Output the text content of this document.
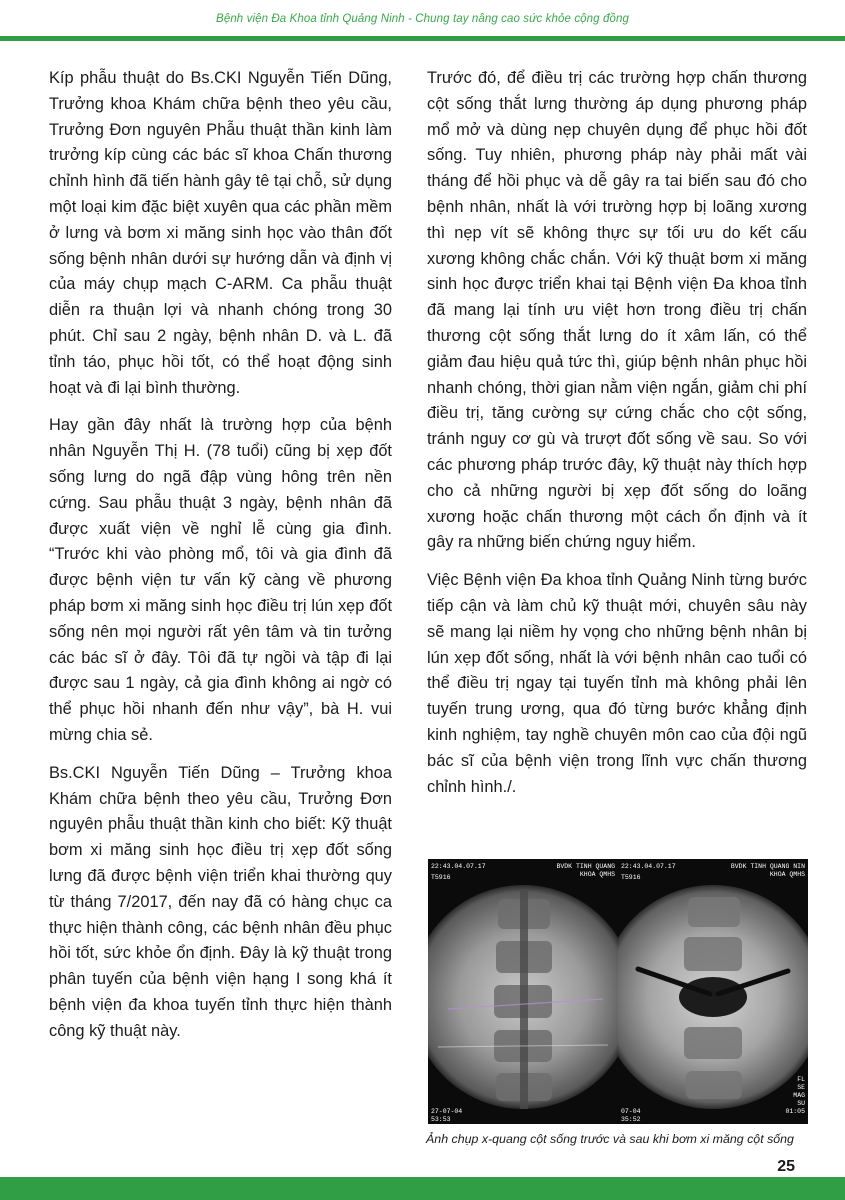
Bệnh viện Đa Khoa tỉnh Quảng Ninh - Chung tay nâng cao sức khỏe cộng đồng

Kíp phẫu thuật do Bs.CKI Nguyễn Tiến Dũng, Trưởng khoa Khám chữa bệnh theo yêu cầu, Trưởng Đơn nguyên Phẫu thuật thần kinh làm trưởng kíp cùng các bác sĩ khoa Chấn thương chỉnh hình đã tiến hành gây tê tại chỗ, sử dụng một loại kim đặc biệt xuyên qua các phần mềm ở lưng và bơm xi măng sinh học vào thân đốt sống bệnh nhân dưới sự hướng dẫn và định vị của máy chụp mạch C-ARM. Ca phẫu thuật diễn ra thuận lợi và nhanh chóng trong 30 phút. Chỉ sau 2 ngày, bệnh nhân D. và L. đã tỉnh táo, phục hồi tốt, có thể hoạt động sinh hoạt và đi lại bình thường.

Hay gần đây nhất là trường hợp của bệnh nhân Nguyễn Thị H. (78 tuổi) cũng bị xẹp đốt sống lưng do ngã đập vùng hông trên nền cứng. Sau phẫu thuật 3 ngày, bệnh nhân đã được xuất viện về nghỉ lễ cùng gia đình. “Trước khi vào phòng mổ, tôi và gia đình đã được bệnh viện tư vấn kỹ càng về phương pháp bơm xi măng sinh học điều trị lún xẹp đốt sống nên mọi người rất yên tâm và tin tưởng các bác sĩ ở đây. Tôi đã tự ngồi và tập đi lại được sau 1 ngày, cả gia đình không ai ngờ có thể phục hồi nhanh đến như vậy”, bà H. vui mừng chia sẻ.

Bs.CKI Nguyễn Tiến Dũng – Trưởng khoa Khám chữa bệnh theo yêu cầu, Trưởng Đơn nguyên phẫu thuật thần kinh cho biết: Kỹ thuật bơm xi măng sinh học điều trị xẹp đốt sống lưng đã được bệnh viện triển khai thường quy từ tháng 7/2017, đến nay đã có hàng chục ca thực hiện thành công, các bệnh nhân đều phục hồi tốt, sức khỏe ổn định. Đây là kỹ thuật trong phân tuyến của bệnh viện hạng I song khá ít bệnh viện đa khoa tuyến tỉnh thực hiện thành công kỹ thuật này.

Trước đó, để điều trị các trường hợp chấn thương cột sống thắt lưng thường áp dụng phương pháp mổ mở và dùng nẹp chuyên dụng để phục hồi đốt sống. Tuy nhiên, phương pháp này phải mất vài tháng để hồi phục và dễ gây ra tai biến sau đó cho bệnh nhân, nhất là với trường hợp bị loãng xương thì nẹp vít sẽ không thực sự tối ưu do kết cấu xương không chắc chắn. Với kỹ thuật bơm xi măng sinh học được triển khai tại Bệnh viện Đa khoa tỉnh đã mang lại tính ưu việt hơn trong điều trị chấn thương cột sống thắt lưng do ít xâm lấn, có thể giảm đau hiệu quả tức thì, giúp bệnh nhân phục hồi nhanh chóng, thời gian nằm viện ngắn, giảm chi phí điều trị, tăng cường sự cứng chắc cho cột sống, tránh nguy cơ gù và trượt đốt sống về sau. So với các phương pháp trước đây, kỹ thuật này thích hợp cho cả những người bị xẹp đốt sống do loãng xương hoặc chấn thương một cách ổn định và ít gây ra những biến chứng nguy hiểm.

Việc Bệnh viện Đa khoa tỉnh Quảng Ninh từng bước tiếp cận và làm chủ kỹ thuật mới, chuyên sâu này sẽ mang lại niềm hy vọng cho những bệnh nhân bị lún xẹp đốt sống, nhất là với bệnh nhân cao tuổi có thể điều trị ngay tại tuyến tỉnh mà không phải lên tuyến trung ương, qua đó từng bước khẳng định kinh nghiệm, tay nghề chuyên môn cao của đội ngũ bác sĩ của bệnh viện trong lĩnh vực chấn thương chỉnh hình./.

22:43.04.07.17	BVDK TINH QUANG
KHOA QMHS
T5916
27-07-04
53:53
22:43.04.07.17	BVDK TINH QUANG NIN
KHOA QMHS
T5916
07-04
35:52
FL
SE
MAG
SU
01:05
Ảnh chụp x-quang cột sống trước và sau khi bơm xi măng cột sống
25
